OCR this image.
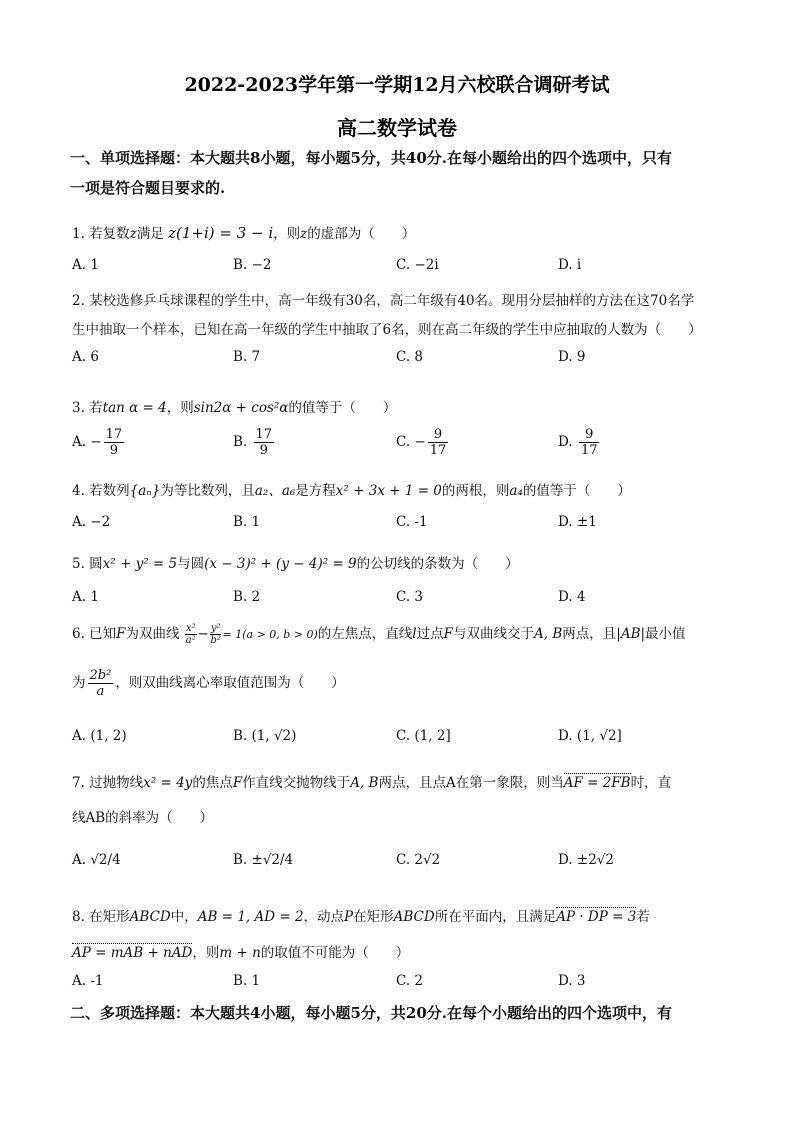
2022-2023学年第一学期12月六校联合调研考试
高二数学试卷
一、单项选择题：本大题共8小题，每小题5分，共40分.在每小题给出的四个选项中，只有
一项是符合题目要求的.
1. 若复数z满足 z(1+i) = 3 − i，则z的虚部为（　　）
A. 1	B. −2	C. −2i	D. i
2. 某校选修乒乓球课程的学生中，高一年级有30名，高二年级有40名。现用分层抽样的方法在这70名学
生中抽取一个样本，已知在高一年级的学生中抽取了6名，则在高二年级的学生中应抽取的人数为（　　）
A. 6	B. 7	C. 8	D. 9
3. 若tan α = 4，则sin2α + cos²α的值等于（　　）
A. − $\frac{17}{9}$	B. $\frac{17}{9}$	C. − $\frac{9}{17}$	D. $\frac{9}{17}$
4. 若数列{aₙ}为等比数列，且a₂、a₆是方程x² + 3x + 1 = 0的两根，则a₄的值等于（　　）
A. −2	B. 1	C. -1	D. ±1
5. 圆x² + y² = 5与圆(x − 3)² + (y − 4)² = 9的公切线的条数为（　　）
A. 1	B. 2	C. 3	D. 4
6. 已知F为双曲线 $\frac{\text{x²}}{\text{a²}}- \frac{\text{y²}}{\text{b²}}= 1(a > 0$, b > 0)的左焦点，直线l过点F与双曲线交于A, B两点，且|AB|最小值
为 $\frac{\text{2b²}}{a}$ ，则双曲线离心率取值范围为（　　）
A. (1, 2)	B. (1, √2)	C. (1, 2]	D. (1, √2]
7. 过抛物线x² = 4y的焦点F作直线交抛物线于A, B两点，且点A在第一象限，则当AF = 2FB时，直
线AB的斜率为（　　）
A. √2/4	B. ±√2/4	C. 2√2	D. ±2√2
8. 在矩形ABCD中，AB = 1, AD = 2，动点P在矩形ABCD所在平面内，且满足AP · DP = 3若
AP = mAB + nAD，则m + n的取值不可能为（　　）
A. -1	B. 1	C. 2	D. 3
二、多项选择题：本大题共4小题，每小题5分，共20分.在每个小题给出的四个选项中，有
